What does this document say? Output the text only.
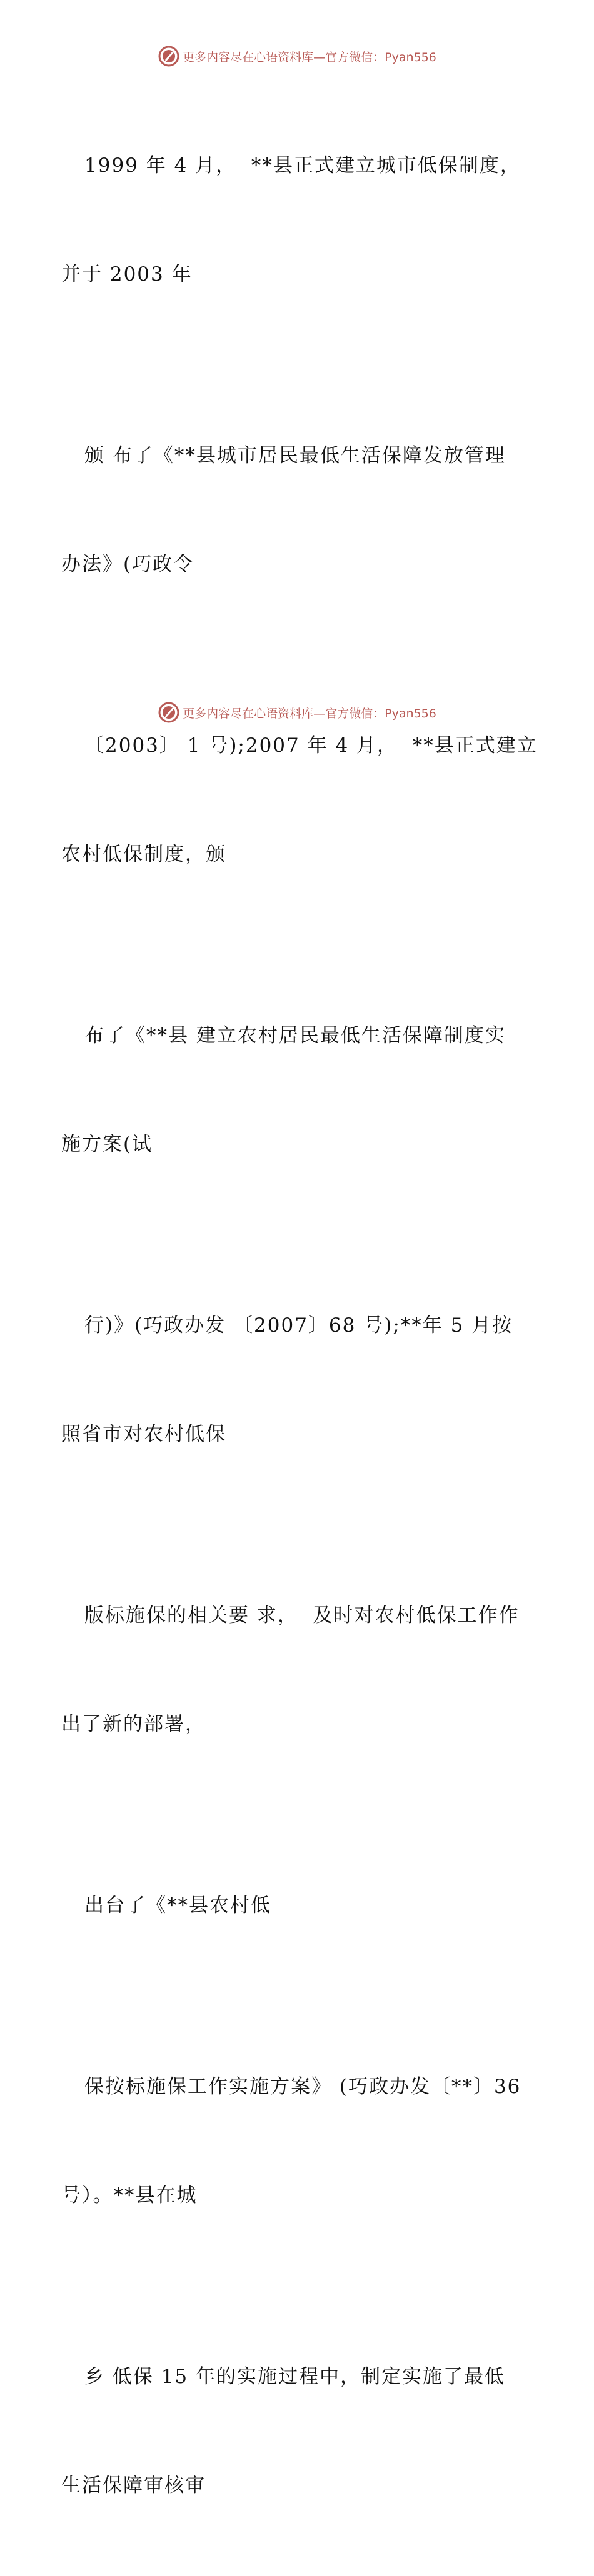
更多内容尽在心语资料库—官方微信：Pyan556

1999 年 4 月，  **县正式建立城市低保制度，

并于 2003 年

颁 布了《**县城市居民最低生活保障发放管理

办法》(巧政令

〔2003〕 1 号);2007 年 4 月，  **县正式建立

农村低保制度，颁

布了《**县 建立农村居民最低生活保障制度实

施方案(试

行)》(巧政办发 〔2007〕68 号);**年 5 月按

照省市对农村低保

版标施保的相关要 求，  及时对农村低保工作作

出了新的部署，

出台了《**县农村低

保按标施保工作实施方案》 (巧政办发〔**〕36

号）。**县在城

乡 低保 15 年的实施过程中，制定实施了最低

生活保障审核审

更多内容尽在心语资料库—官方微信：Pyan556
